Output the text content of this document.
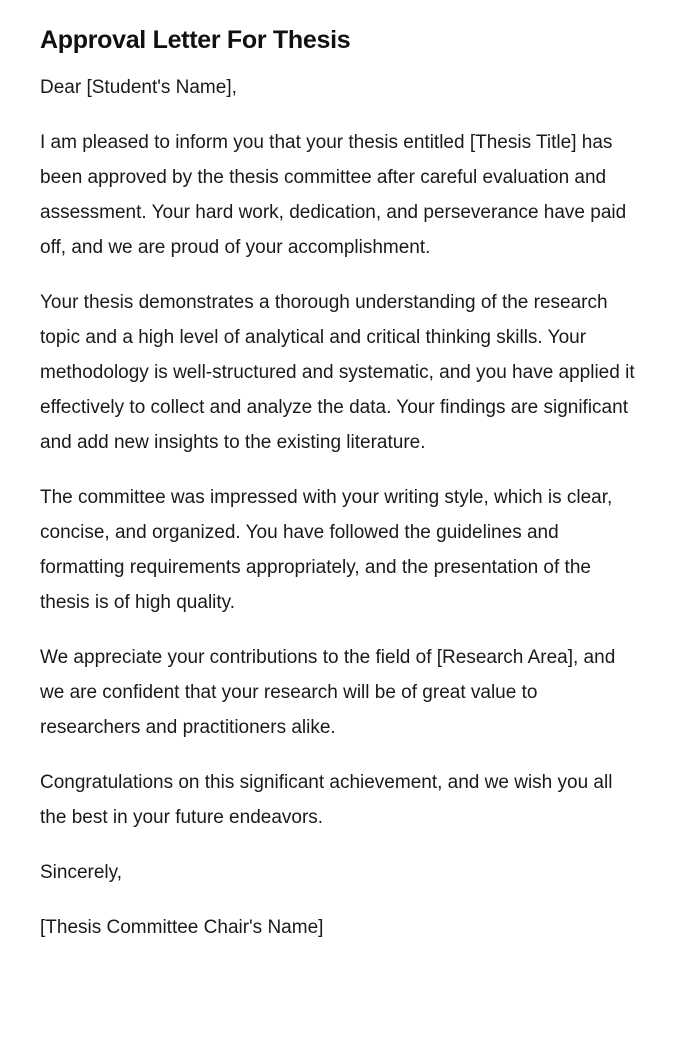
Approval Letter For Thesis

Dear [Student's Name],

I am pleased to inform you that your thesis entitled [Thesis Title] has been approved by the thesis committee after careful evaluation and assessment. Your hard work, dedication, and perseverance have paid off, and we are proud of your accomplishment.

Your thesis demonstrates a thorough understanding of the research topic and a high level of analytical and critical thinking skills. Your methodology is well-structured and systematic, and you have applied it effectively to collect and analyze the data. Your findings are significant and add new insights to the existing literature.

The committee was impressed with your writing style, which is clear, concise, and organized. You have followed the guidelines and formatting requirements appropriately, and the presentation of the thesis is of high quality.

We appreciate your contributions to the field of [Research Area], and we are confident that your research will be of great value to researchers and practitioners alike.

Congratulations on this significant achievement, and we wish you all the best in your future endeavors.

Sincerely,

[Thesis Committee Chair's Name]
